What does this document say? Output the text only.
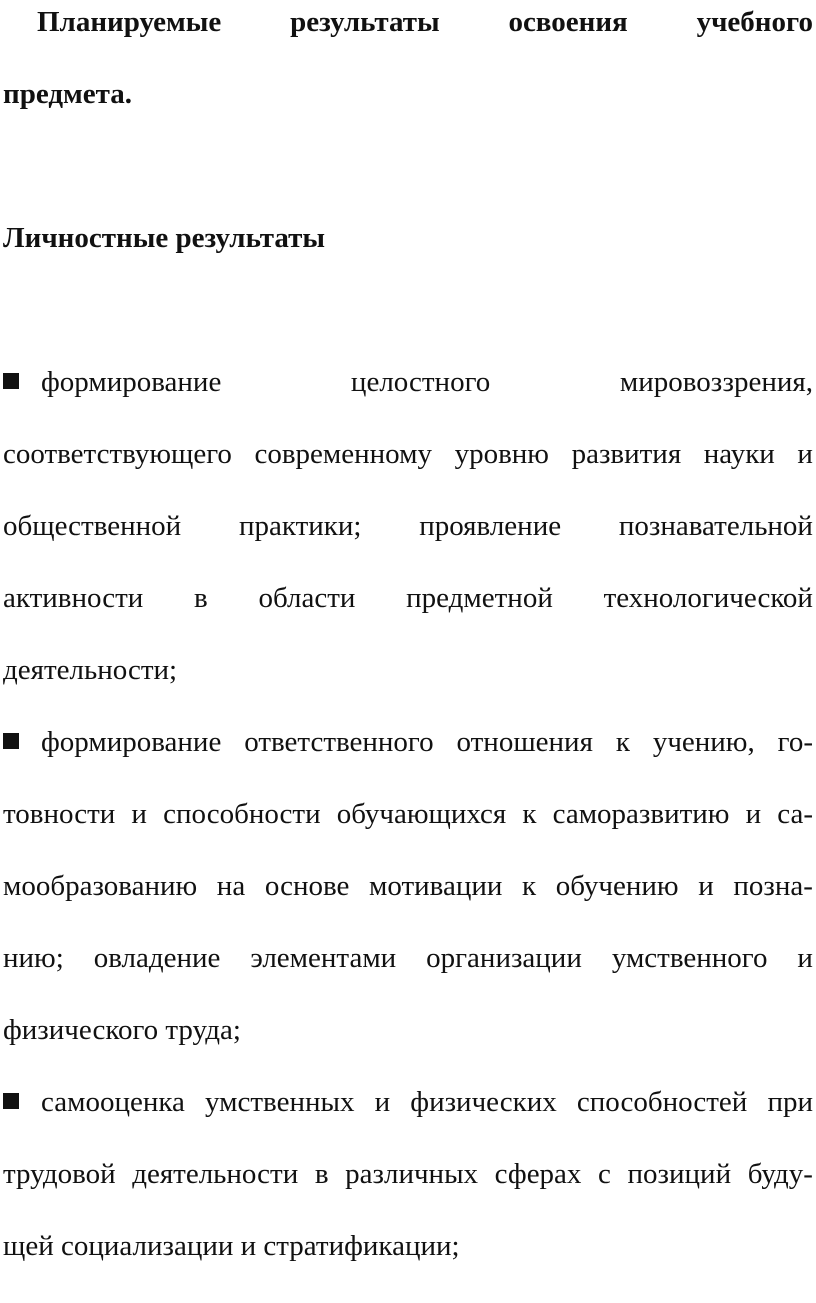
Планируемые результаты освоения учебного
предмета.
Личностные результаты
формирование	целостного	мировоззрения,
соответствующего современному уровню развития науки и
общественной практики; проявление познавательной
активности в области предметной технологической
деятельности;
формирование ответственного отношения к учению, го-
товности и способности обучающихся к саморазвитию и са-
мообразованию на основе мотивации к обучению и позна-
нию; овладение элементами организации умственного и
физического труда;
самооценка умственных и физических способностей при
трудовой деятельности в различных сферах с позиций буду-
щей социализации и стратификации;
